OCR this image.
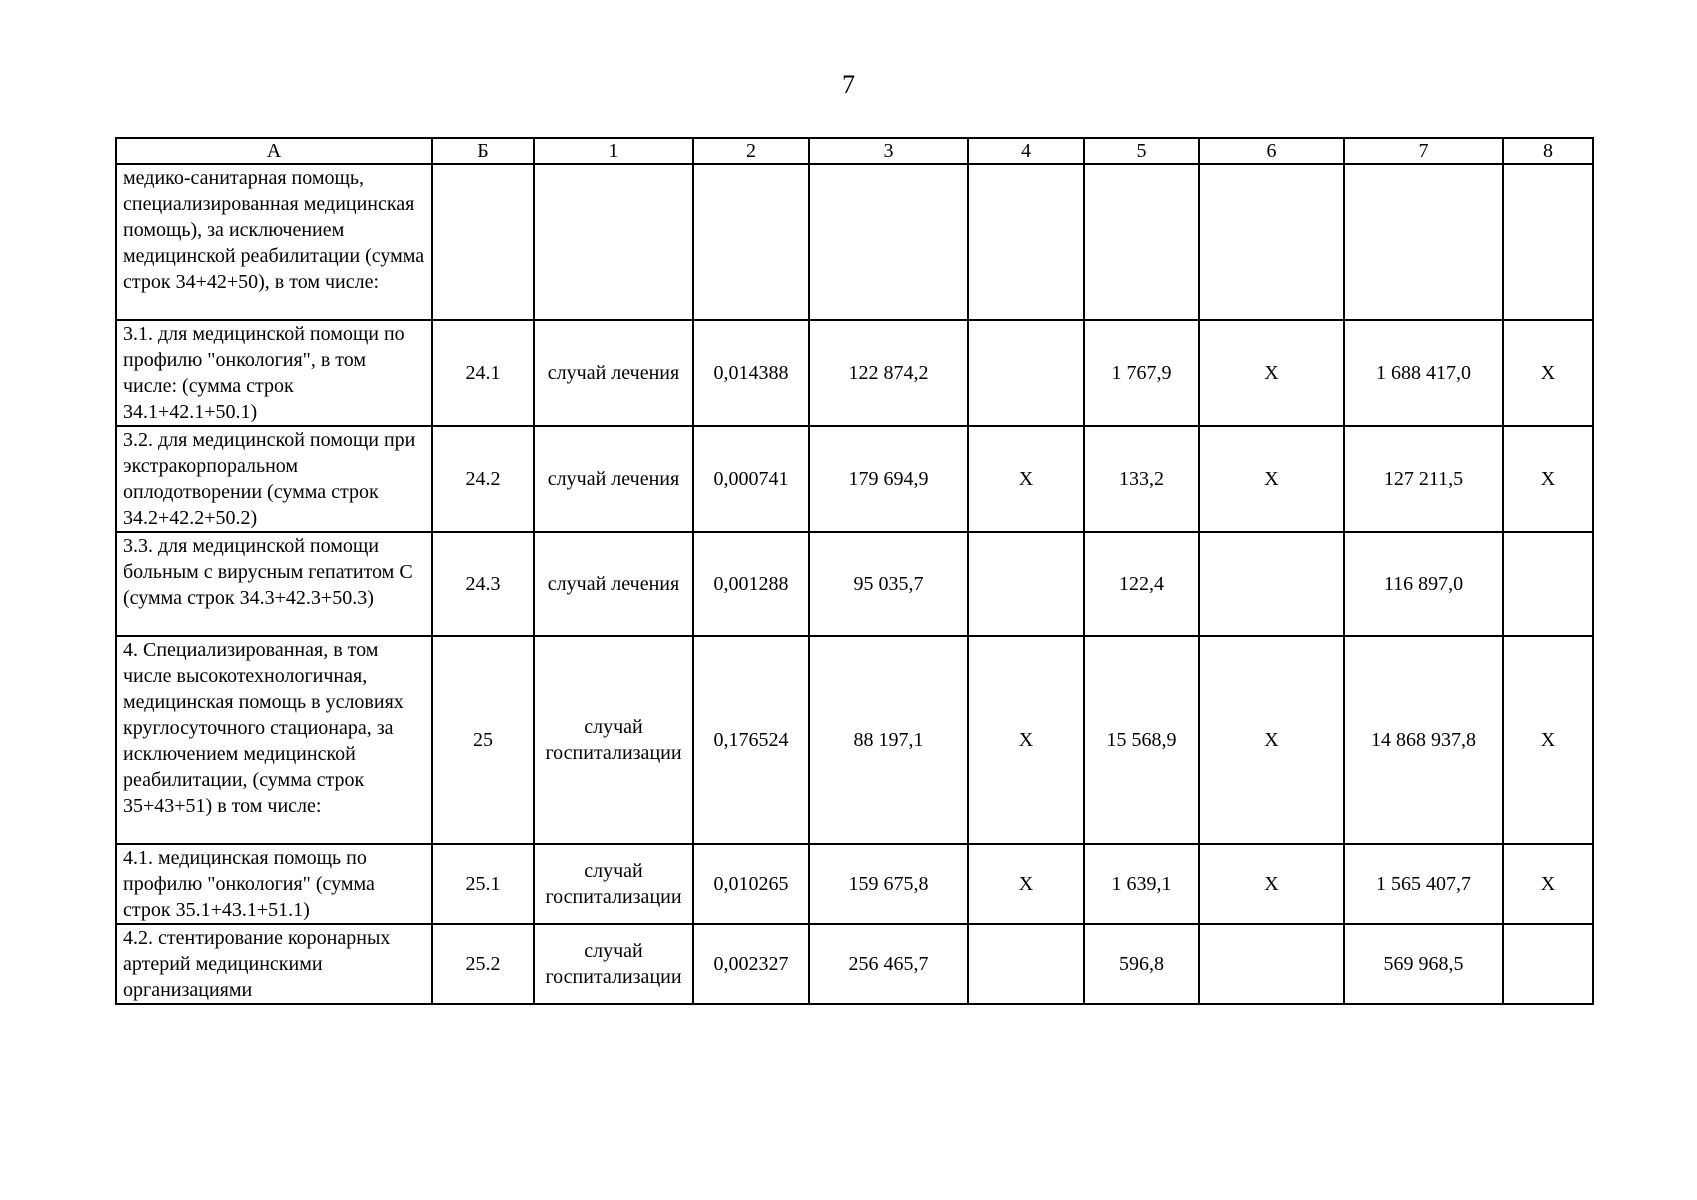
7
А	Б	1	2	3	4	5	6	7	8
медико-санитарная помощь, специализированная медицинская помощь), за исключением медицинской реабилитации (сумма строк 34+42+50), в том числе:									
3.1. для медицинской помощи по профилю "онкология", в том числе: (сумма строк 34.1+42.1+50.1)	24.1	случай лечения	0,014388	122 874,2		1 767,9	Х	1 688 417,0	Х
3.2. для медицинской помощи при экстракорпоральном оплодотворении (сумма строк 34.2+42.2+50.2)	24.2	случай лечения	0,000741	179 694,9	Х	133,2	Х	127 211,5	Х
3.3. для медицинской помощи больным с вирусным гепатитом С (сумма строк 34.3+42.3+50.3)	24.3	случай лечения	0,001288	95 035,7		122,4		116 897,0	
4. Специализированная, в том числе высокотехнологичная, медицинская помощь в условиях круглосуточного стационара, за исключением медицинской реабилитации, (сумма строк 35+43+51) в том числе:	25	случай госпитализации	0,176524	88 197,1	Х	15 568,9	Х	14 868 937,8	Х
4.1. медицинская помощь по профилю "онкология" (сумма строк 35.1+43.1+51.1)	25.1	случай госпитализации	0,010265	159 675,8	Х	1 639,1	Х	1 565 407,7	Х
4.2. стентирование коронарных артерий медицинскими организациями	25.2	случай госпитализации	0,002327	256 465,7		596,8		569 968,5	
